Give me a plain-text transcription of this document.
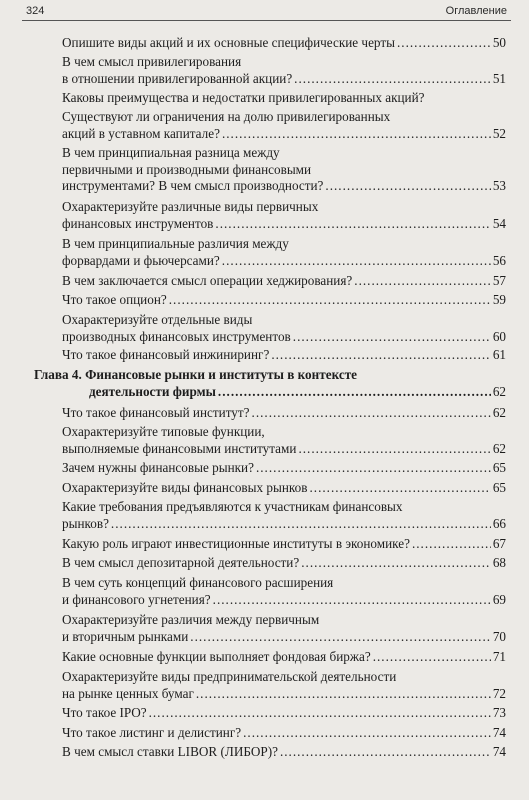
324	Оглавление
Опишите виды акций и их основные специфические черты .....	50
В чем смысл привилегирования
в отношении привилегированной акции? .....	51
Каковы преимущества и недостатки привилегированных акций?
Существуют ли ограничения на долю привилегированных
акций в уставном капитале? .....	52
В чем принципиальная разница между
первичными и производными финансовыми
инструментами? В чем смысл производности? .....	53
Охарактеризуйте различные виды первичных
финансовых инструментов .....	54
В чем принципиальные различия между
форвардами и фьючерсами? .....	56
В чем заключается смысл операции хеджирования? .....	57
Что такое опцион? .....	59
Охарактеризуйте отдельные виды
производных финансовых инструментов .....	60
Что такое финансовый инжиниринг? .....	61
Глава 4. Финансовые рынки и институты в контексте
деятельности фирмы .....	62
Что такое финансовый институт? .....	62
Охарактеризуйте типовые функции,
выполняемые финансовыми институтами .....	62
Зачем нужны финансовые рынки? .....	65
Охарактеризуйте виды финансовых рынков .....	65
Какие требования предъявляются к участникам финансовых
рынков? .....	66
Какую роль играют инвестиционные институты в экономике? .....	67
В чем смысл депозитарной деятельности? .....	68
В чем суть концепций финансового расширения
и финансового угнетения? .....	69
Охарактеризуйте различия между первичным
и вторичным рынками .....	70
Какие основные функции выполняет фондовая биржа? .....	71
Охарактеризуйте виды предпринимательской деятельности
на рынке ценных бумаг .....	72
Что такое IPO? .....	73
Что такое листинг и делистинг? .....	74
В чем смысл ставки LIBOR (ЛИБОР)? .....	74
